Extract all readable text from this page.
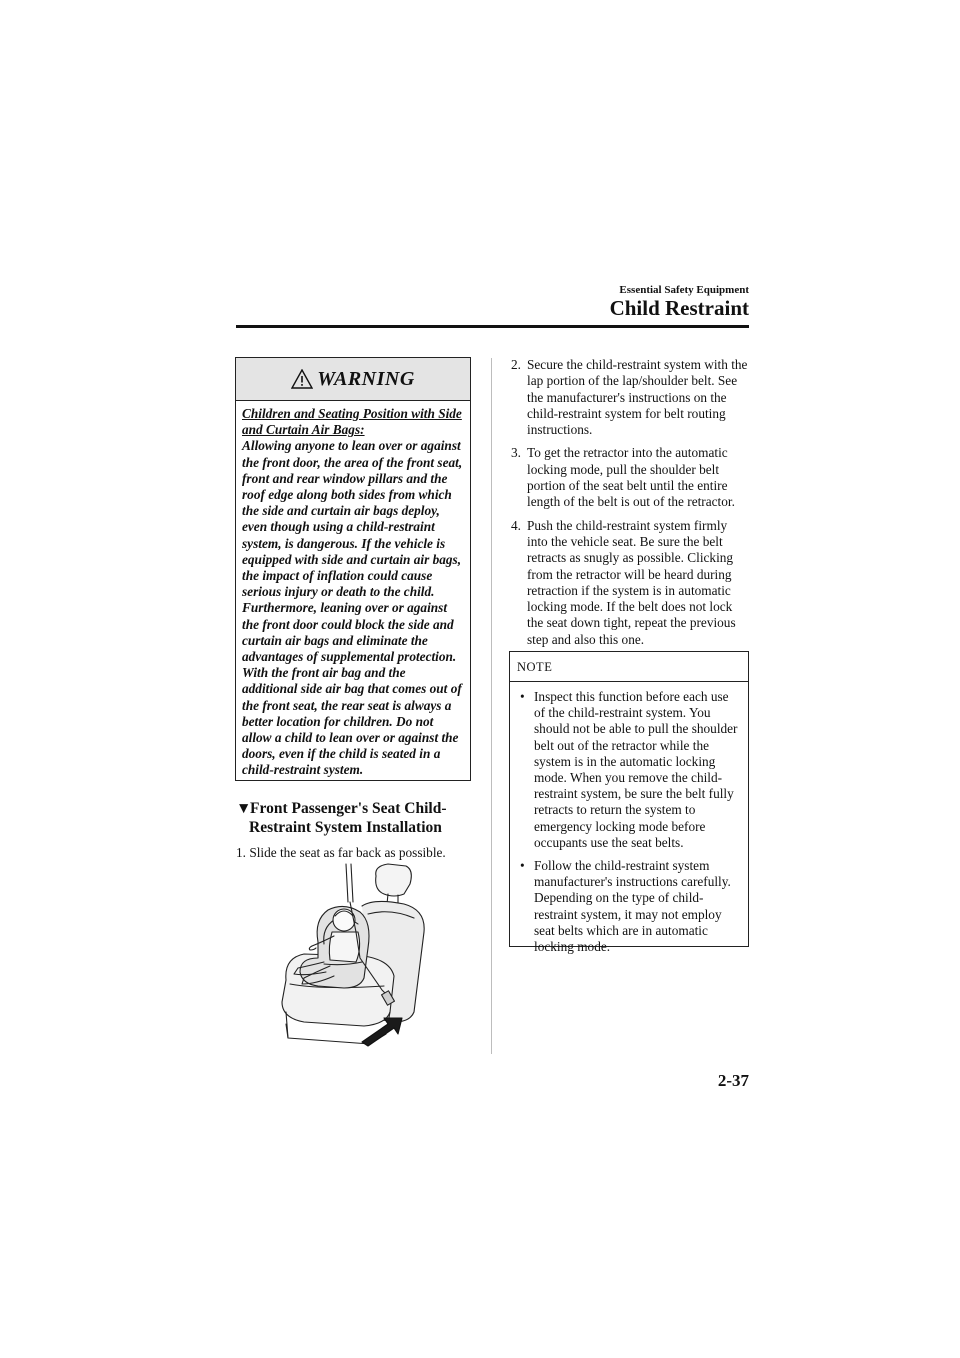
Essential Safety Equipment
Child Restraint
WARNING
Children and Seating Position with Side and Curtain Air Bags:
Allowing anyone to lean over or against the front door, the area of the front seat, front and rear window pillars and the roof edge along both sides from which the side and curtain air bags deploy, even though using a child-restraint system, is dangerous. If the vehicle is equipped with side and curtain air bags, the impact of inflation could cause serious injury or death to the child. Furthermore, leaning over or against the front door could block the side and curtain air bags and eliminate the advantages of supplemental protection. With the front air bag and the additional side air bag that comes out of the front seat, the rear seat is always a better location for children. Do not allow a child to lean over or against the doors, even if the child is seated in a child-restraint system.
▼Front Passenger's Seat Child-
Restraint System Installation
1. Slide the seat as far back as possible.
2. Secure the child-restraint system with the lap portion of the lap/shoulder belt. See the manufacturer's instructions on the child-restraint system for belt routing instructions.
3. To get the retractor into the automatic locking mode, pull the shoulder belt portion of the seat belt until the entire length of the belt is out of the retractor.
4. Push the child-restraint system firmly into the vehicle seat. Be sure the belt retracts as snugly as possible. Clicking from the retractor will be heard during retraction if the system is in automatic locking mode. If the belt does not lock the seat down tight, repeat the previous step and also this one.
NOTE
• Inspect this function before each use of the child-restraint system. You should not be able to pull the shoulder belt out of the retractor while the system is in the automatic locking mode. When you remove the child-restraint system, be sure the belt fully retracts to return the system to emergency locking mode before occupants use the seat belts.
• Follow the child-restraint system manufacturer's instructions carefully. Depending on the type of child-restraint system, it may not employ seat belts which are in automatic locking mode.
2-37
